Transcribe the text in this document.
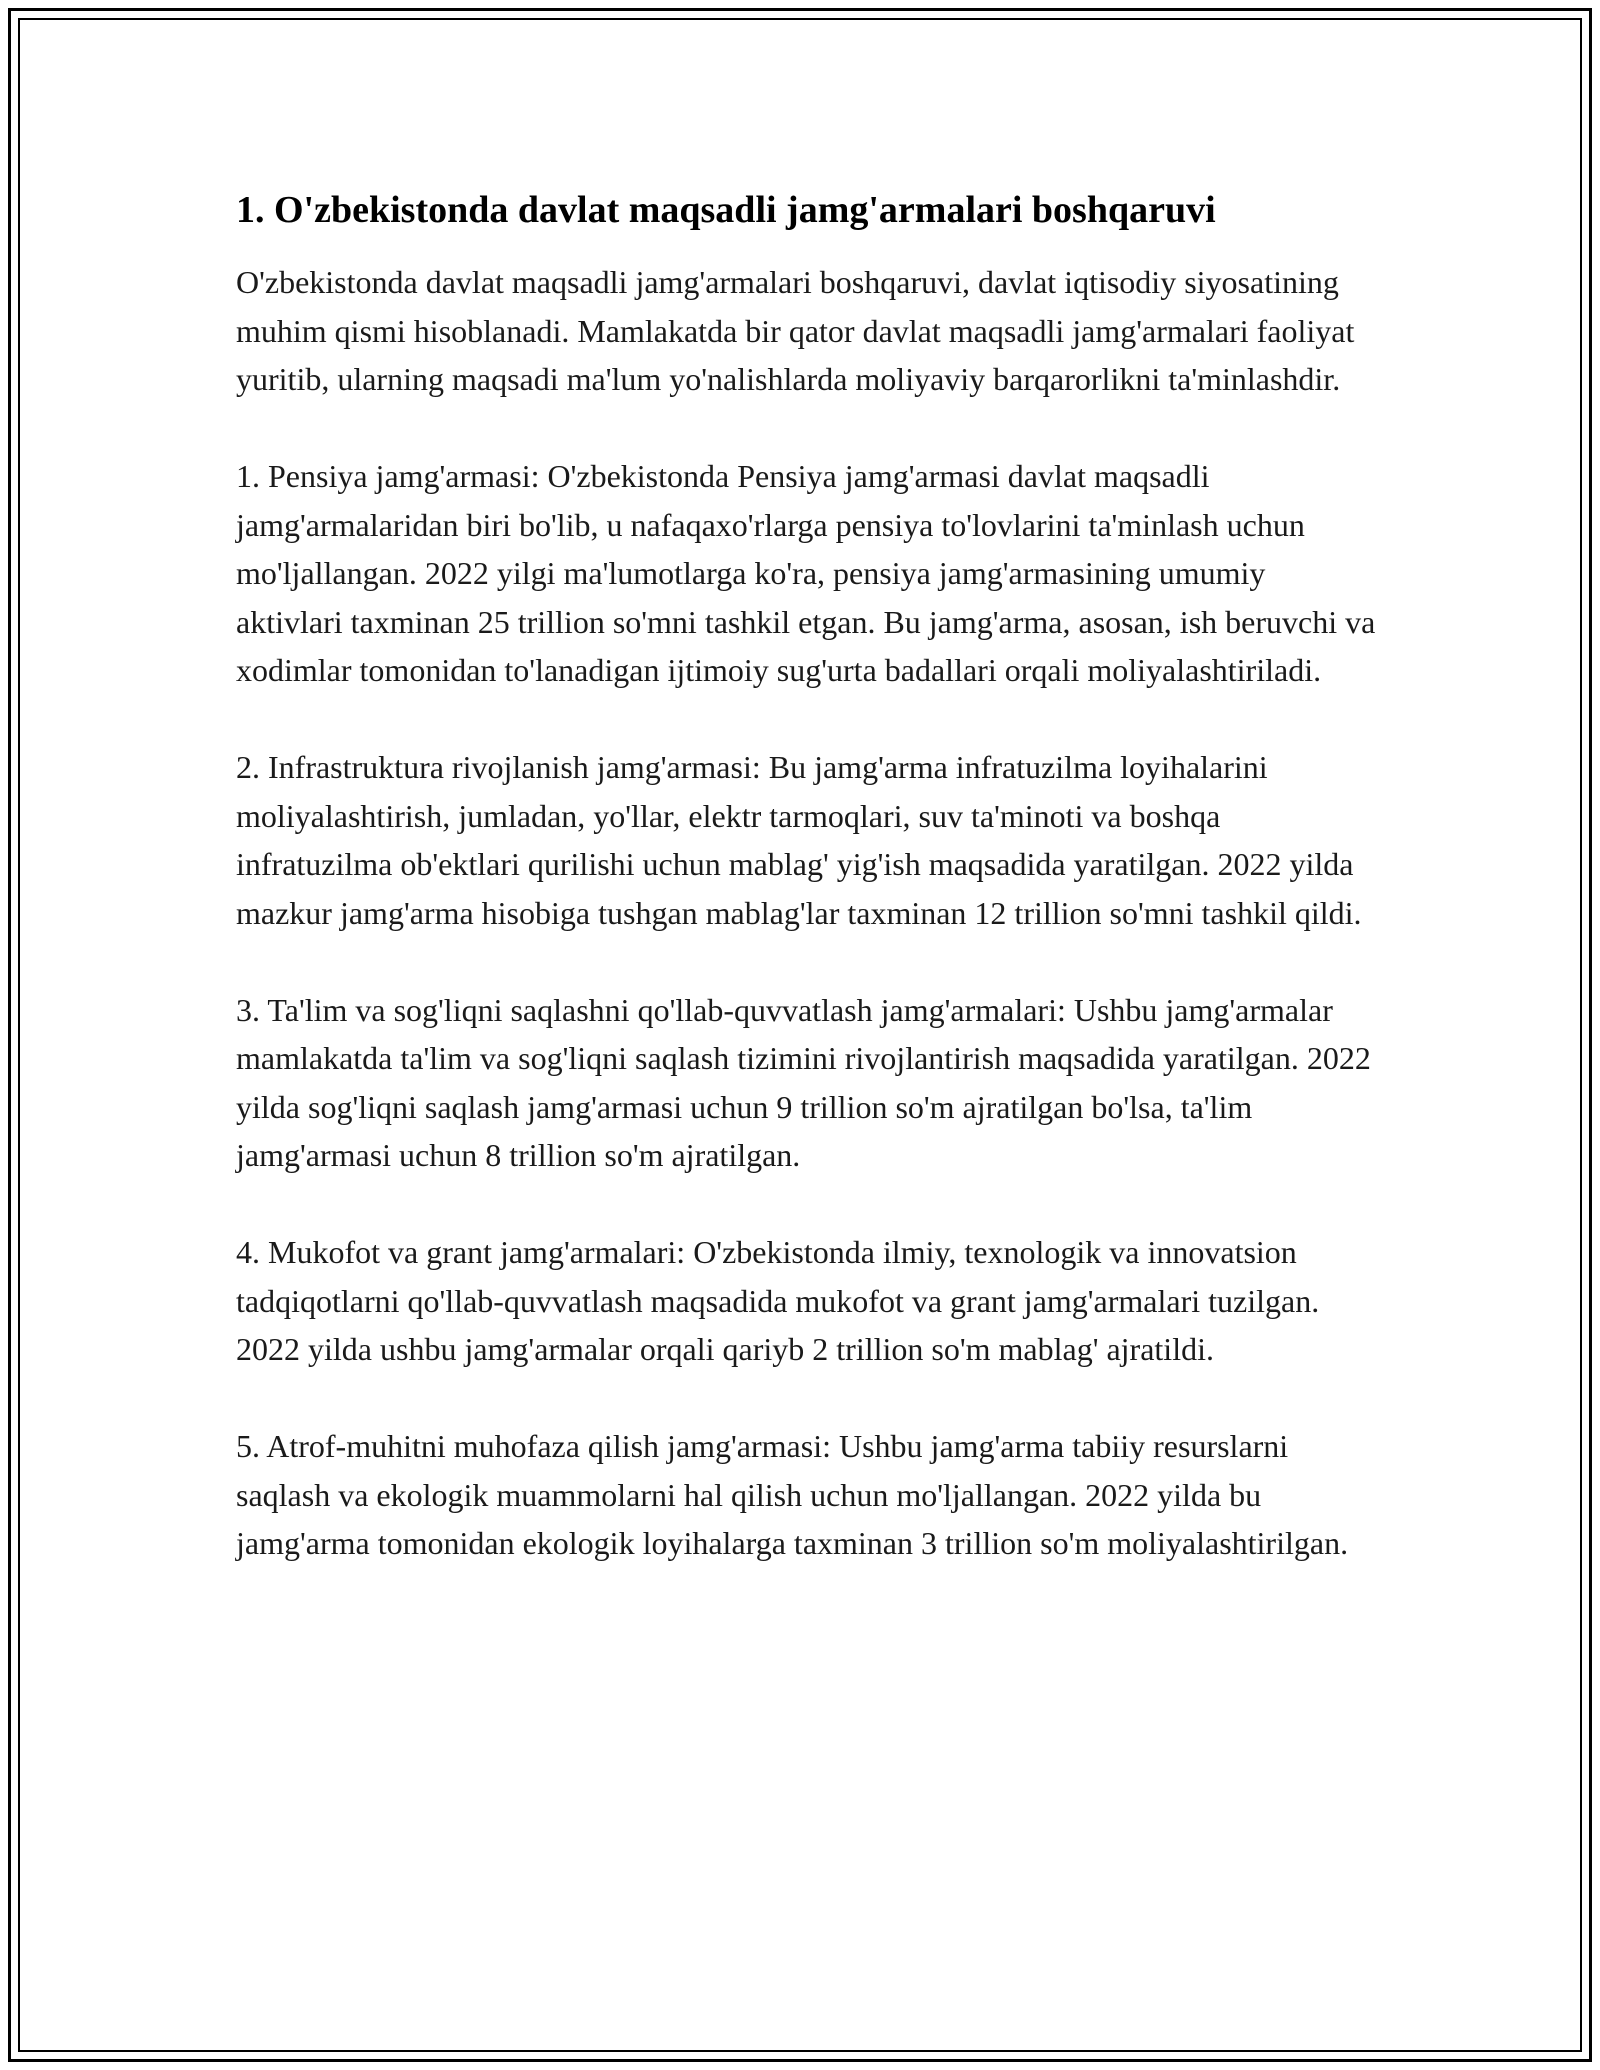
1. O'zbekistonda davlat maqsadli jamg'armalari boshqaruvi

O'zbekistonda davlat maqsadli jamg'armalari boshqaruvi, davlat iqtisodiy siyosatining muhim qismi hisoblanadi. Mamlakatda bir qator davlat maqsadli jamg'armalari faoliyat yuritib, ularning maqsadi ma'lum yo'nalishlarda moliyaviy barqarorlikni ta'minlashdir.

1. Pensiya jamg'armasi: O'zbekistonda Pensiya jamg'armasi davlat maqsadli jamg'armalaridan biri bo'lib, u nafaqaxo'rlarga pensiya to'lovlarini ta'minlash uchun mo'ljallangan. 2022 yilgi ma'lumotlarga ko'ra, pensiya jamg'armasining umumiy aktivlari taxminan 25 trillion so'mni tashkil etgan. Bu jamg'arma, asosan, ish beruvchi va xodimlar tomonidan to'lanadigan ijtimoiy sug'urta badallari orqali moliyalashtiriladi.

2. Infrastruktura rivojlanish jamg'armasi: Bu jamg'arma infratuzilma loyihalarini moliyalashtirish, jumladan, yo'llar, elektr tarmoqlari, suv ta'minoti va boshqa infratuzilma ob'ektlari qurilishi uchun mablag' yig'ish maqsadida yaratilgan. 2022 yilda mazkur jamg'arma hisobiga tushgan mablag'lar taxminan 12 trillion so'mni tashkil qildi.

3. Ta'lim va sog'liqni saqlashni qo'llab-quvvatlash jamg'armalari: Ushbu jamg'armalar mamlakatda ta'lim va sog'liqni saqlash tizimini rivojlantirish maqsadida yaratilgan. 2022 yilda sog'liqni saqlash jamg'armasi uchun 9 trillion so'm ajratilgan bo'lsa, ta'lim jamg'armasi uchun 8 trillion so'm ajratilgan.

4. Mukofot va grant jamg'armalari: O'zbekistonda ilmiy, texnologik va innovatsion tadqiqotlarni qo'llab-quvvatlash maqsadida mukofot va grant jamg'armalari tuzilgan. 2022 yilda ushbu jamg'armalar orqali qariyb 2 trillion so'm mablag' ajratildi.

5. Atrof-muhitni muhofaza qilish jamg'armasi: Ushbu jamg'arma tabiiy resurslarni saqlash va ekologik muammolarni hal qilish uchun mo'ljallangan. 2022 yilda bu jamg'arma tomonidan ekologik loyihalarga taxminan 3 trillion so'm moliyalashtirilgan.
